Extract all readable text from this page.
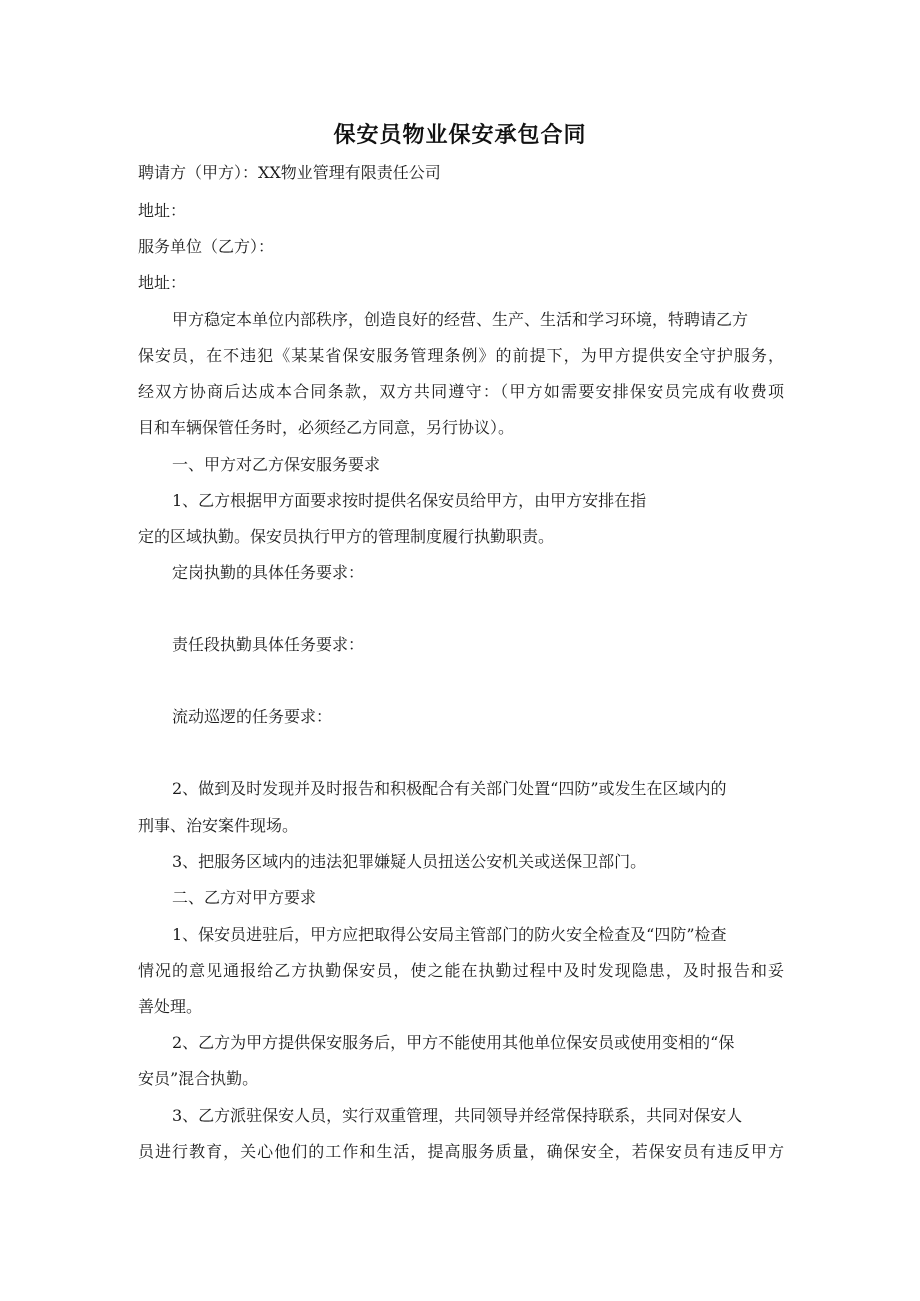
保安员物业保安承包合同
聘请方（甲方）：XX物业管理有限责任公司
地址：
服务单位（乙方）：
地址：
甲方稳定本单位内部秩序，创造良好的经营、生产、生活和学习环境，特聘请乙方
保安员，在不违犯《某某省保安服务管理条例》的前提下，为甲方提供安全守护服务，
经双方协商后达成本合同条款，双方共同遵守：（甲方如需要安排保安员完成有收费项
目和车辆保管任务时，必须经乙方同意，另行协议）。
一、甲方对乙方保安服务要求
1、乙方根据甲方面要求按时提供名保安员给甲方，由甲方安排在指
定的区域执勤。保安员执行甲方的管理制度履行执勤职责。
定岗执勤的具体任务要求：
责任段执勤具体任务要求：
流动巡逻的任务要求：
2、做到及时发现并及时报告和积极配合有关部门处置“四防”或发生在区域内的
刑事、治安案件现场。
3、把服务区域内的违法犯罪嫌疑人员扭送公安机关或送保卫部门。
二、乙方对甲方要求
1、保安员进驻后，甲方应把取得公安局主管部门的防火安全检查及“四防”检查
情况的意见通报给乙方执勤保安员，使之能在执勤过程中及时发现隐患，及时报告和妥
善处理。
2、乙方为甲方提供保安服务后，甲方不能使用其他单位保安员或使用变相的“保
安员”混合执勤。
3、乙方派驻保安人员，实行双重管理，共同领导并经常保持联系，共同对保安人
员进行教育，关心他们的工作和生活，提高服务质量，确保安全，若保安员有违反甲方
